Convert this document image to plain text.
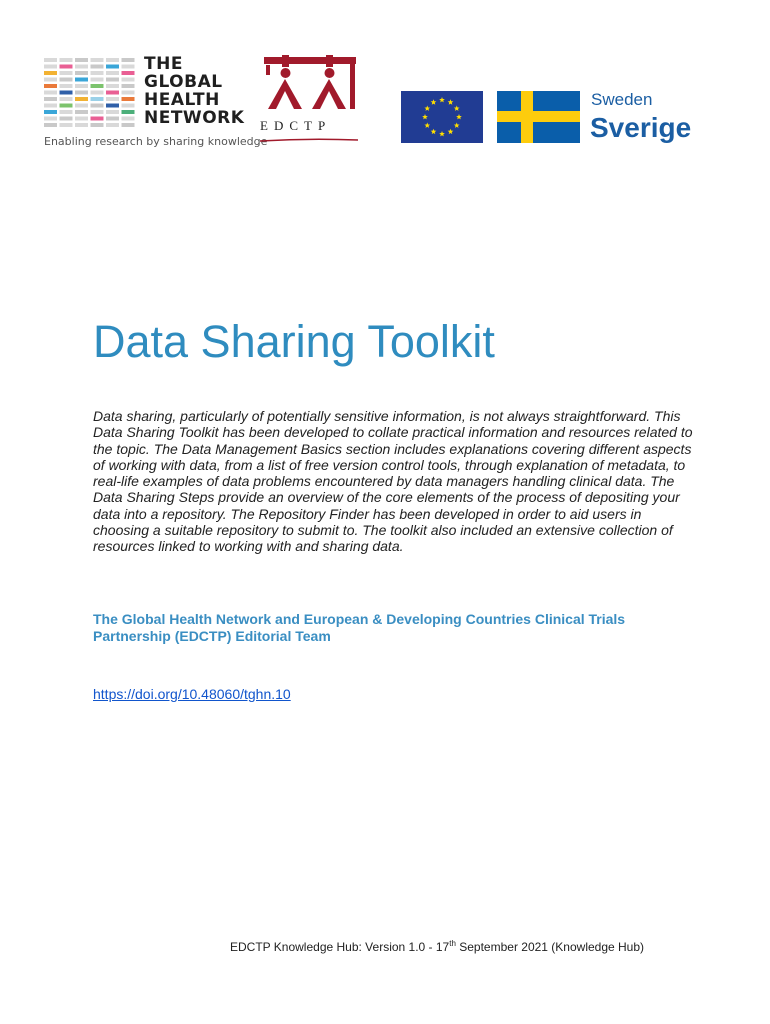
THE
GLOBAL
HEALTH
NETWORK
Enabling research by sharing knowledge
EDCTP
Sweden
Sverige
Data Sharing Toolkit

Data sharing, particularly of potentially sensitive information, is not always straightforward. This Data Sharing Toolkit has been developed to collate practical information and resources related to the topic. The Data Management Basics section includes explanations covering different aspects of working with data, from a list of free version control tools, through explanation of metadata, to real-life examples of data problems encountered by data managers handling clinical data. The Data Sharing Steps provide an overview of the core elements of the process of depositing your data into a repository. The Repository Finder has been developed in order to aid users in choosing a suitable repository to submit to. The toolkit also included an extensive collection of resources linked to working with and sharing data.

The Global Health Network and European & Developing Countries Clinical Trials Partnership (EDCTP) Editorial Team

https://doi.org/10.48060/tghn.10
EDCTP Knowledge Hub: Version 1.0 - 17th September 2021 (Knowledge Hub)
